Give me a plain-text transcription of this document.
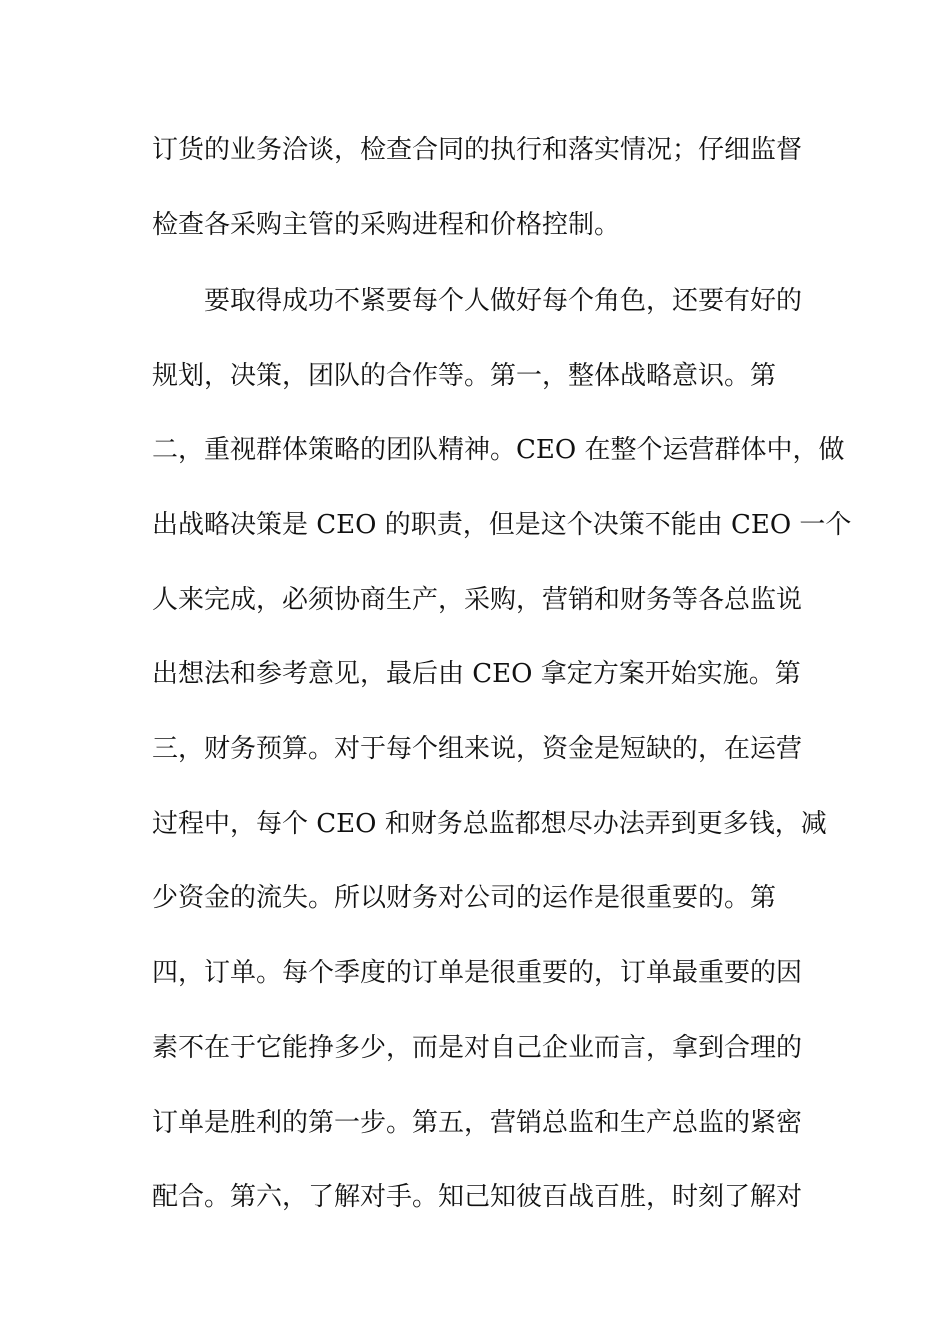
订货的业务洽谈，检查合同的执行和落实情况；仔细监督
检查各采购主管的采购进程和价格控制。
要取得成功不紧要每个人做好每个角色，还要有好的
规划，决策，团队的合作等。第一，整体战略意识。第
二，重视群体策略的团队精神。CEO 在整个运营群体中，做
出战略决策是 CEO 的职责，但是这个决策不能由 CEO 一个
人来完成，必须协商生产，采购，营销和财务等各总监说
出想法和参考意见，最后由 CEO 拿定方案开始实施。第
三，财务预算。对于每个组来说，资金是短缺的，在运营
过程中，每个 CEO 和财务总监都想尽办法弄到更多钱，减
少资金的流失。所以财务对公司的运作是很重要的。第
四，订单。每个季度的订单是很重要的，订单最重要的因
素不在于它能挣多少，而是对自己企业而言，拿到合理的
订单是胜利的第一步。第五，营销总监和生产总监的紧密
配合。第六，了解对手。知己知彼百战百胜，时刻了解对
